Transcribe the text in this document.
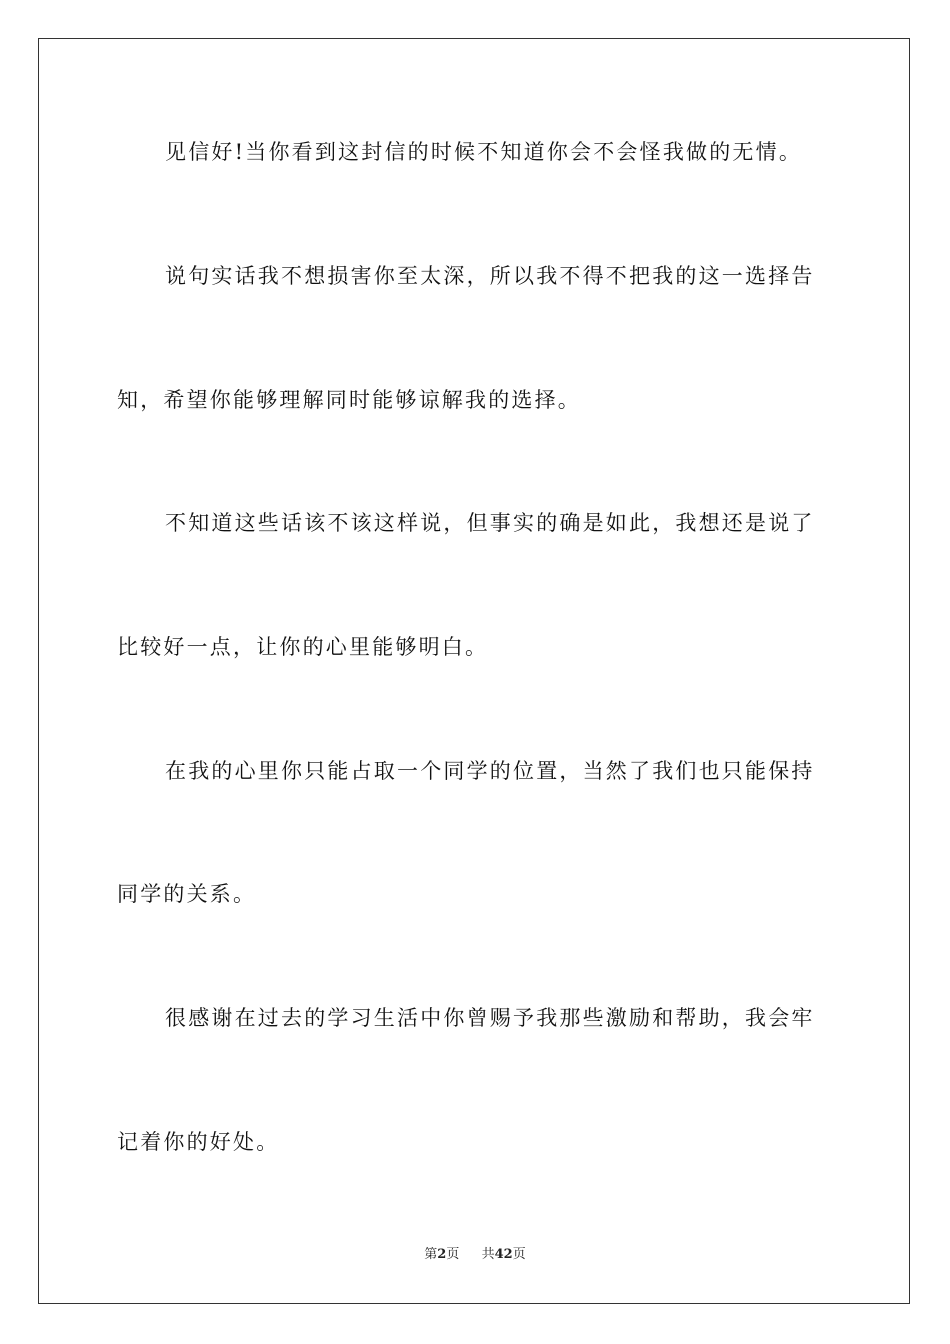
见信好!当你看到这封信的时候不知道你会不会怪我做的无情。
说句实话我不想损害你至太深，所以我不得不把我的这一选择告
知，希望你能够理解同时能够谅解我的选择。
不知道这些话该不该这样说，但事实的确是如此，我想还是说了
比较好一点，让你的心里能够明白。
在我的心里你只能占取一个同学的位置，当然了我们也只能保持
同学的关系。
很感谢在过去的学习生活中你曾赐予我那些激励和帮助，我会牢
记着你的好处。
第2页 共42页
